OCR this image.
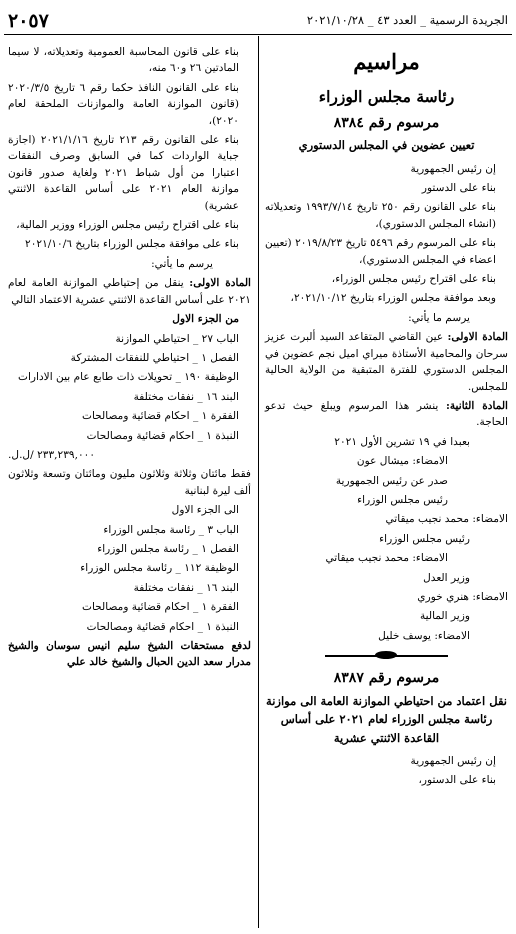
الجريدة الرسمية _ العدد ٤٣ _ ٢٠٢١/١٠/٢٨
٢٠٥٧
مراسيم
رئاسة مجلس الوزراء
مرسوم رقم ٨٣٨٤
تعيين عضوين في المجلس الدستوري

إن رئيس الجمهورية

بناء على الدستور

بناء على القانون رقم ٢٥٠ تاريخ ١٩٩٣/٧/١٤ وتعديلاته (انشاء المجلس الدستوري)،

بناء على المرسوم رقم ٥٤٩٦ تاريخ ٢٠١٩/٨/٢٣ (تعيين اعضاء في المجلس الدستوري)،

بناء على اقتراح رئيس مجلس الوزراء،

وبعد موافقة مجلس الوزراء بتاريخ ٢٠٢١/١٠/١٢،

يرسم ما يأتي:

المادة الاولى: عين القاضي المتقاعد السيد ألبرت عزيز سرحان والمحامية الأستاذة ميراي اميل نجم عضوين في المجلس الدستوري للفترة المتبقية من الولاية الحالية للمجلس.

المادة الثانية: ينشر هذا المرسوم ويبلغ حيث تدعو الحاجة.

بعبدا في ١٩ تشرين الأول ٢٠٢١

الامضاء: ميشال عون

صدر عن رئيس الجمهورية

رئيس مجلس الوزراء

الامضاء: محمد نجيب ميقاتي

رئيس مجلس الوزراء

الامضاء: محمد نجيب ميقاتي

وزير العدل

الامضاء: هنري خوري

وزير المالية

الامضاء: يوسف خليل

مرسوم رقم ٨٣٨٧
نقل اعتماد من احتياطي الموازنة العامة الى موازنة رئاسة مجلس الوزراء لعام ٢٠٢١ على أساس القاعدة الاثنتي عشرية

إن رئيس الجمهورية

بناء على الدستور،

بناء على قانون المحاسبة العمومية وتعديلاته، لا سيما المادتين ٢٦ و٦٠ منه،

بناء على القانون النافذ حكما رقم ٦ تاريخ ٢٠٢٠/٣/٥ (قانون الموازنة العامة والموازنات الملحقة لعام ٢٠٢٠)،

بناء على القانون رقم ٢١٣ تاريخ ٢٠٢١/١/١٦ (اجازة جباية الواردات كما في السابق وصرف النفقات اعتبارا من أول شباط ٢٠٢١ ولغاية صدور قانون موازنة العام ٢٠٢١ على أساس القاعدة الاثنتي عشرية)

بناء على اقتراح رئيس مجلس الوزراء ووزير المالية،

بناء على موافقة مجلس الوزراء بتاريخ ٢٠٢١/١٠/٦

يرسم ما يأتي:

المادة الاولى: ينقل من إحتياطي الموازنة العامة لعام ٢٠٢١ على أساس القاعدة الاثنتي عشرية الاعتماد التالي

من الجزء الاول

الباب ٢٧ _ احتياطي الموازنة

الفصل ١ _ احتياطي للنفقات المشتركة

الوظيفة ١٩٠ _ تحويلات ذات طابع عام بين الادارات

البند ١٦ _ نفقات مختلفة

الفقرة ١ _ احكام قضائية ومصالحات

النبذة ١ _ احكام قضائية ومصالحات

٢٣٣,٢٣٩,٠٠٠ /ل.ل.

فقط مائتان وثلاثة وثلاثون مليون ومائتان وتسعة وثلاثون ألف ليرة لبنانية

الى الجزء الاول

الباب ٣ _ رئاسة مجلس الوزراء

الفصل ١ _ رئاسة مجلس الوزراء

الوظيفة ١١٢ _ رئاسة مجلس الوزراء

البند ١٦ _ نفقات مختلفة

الفقرة ١ _ احكام قضائية ومصالحات

النبذة ١ _ احكام قضائية ومصالحات

لدفع مستحقات الشيخ سليم انيس سوسان والشيخ مدرار سعد الدين الحبال والشيخ خالد علي
